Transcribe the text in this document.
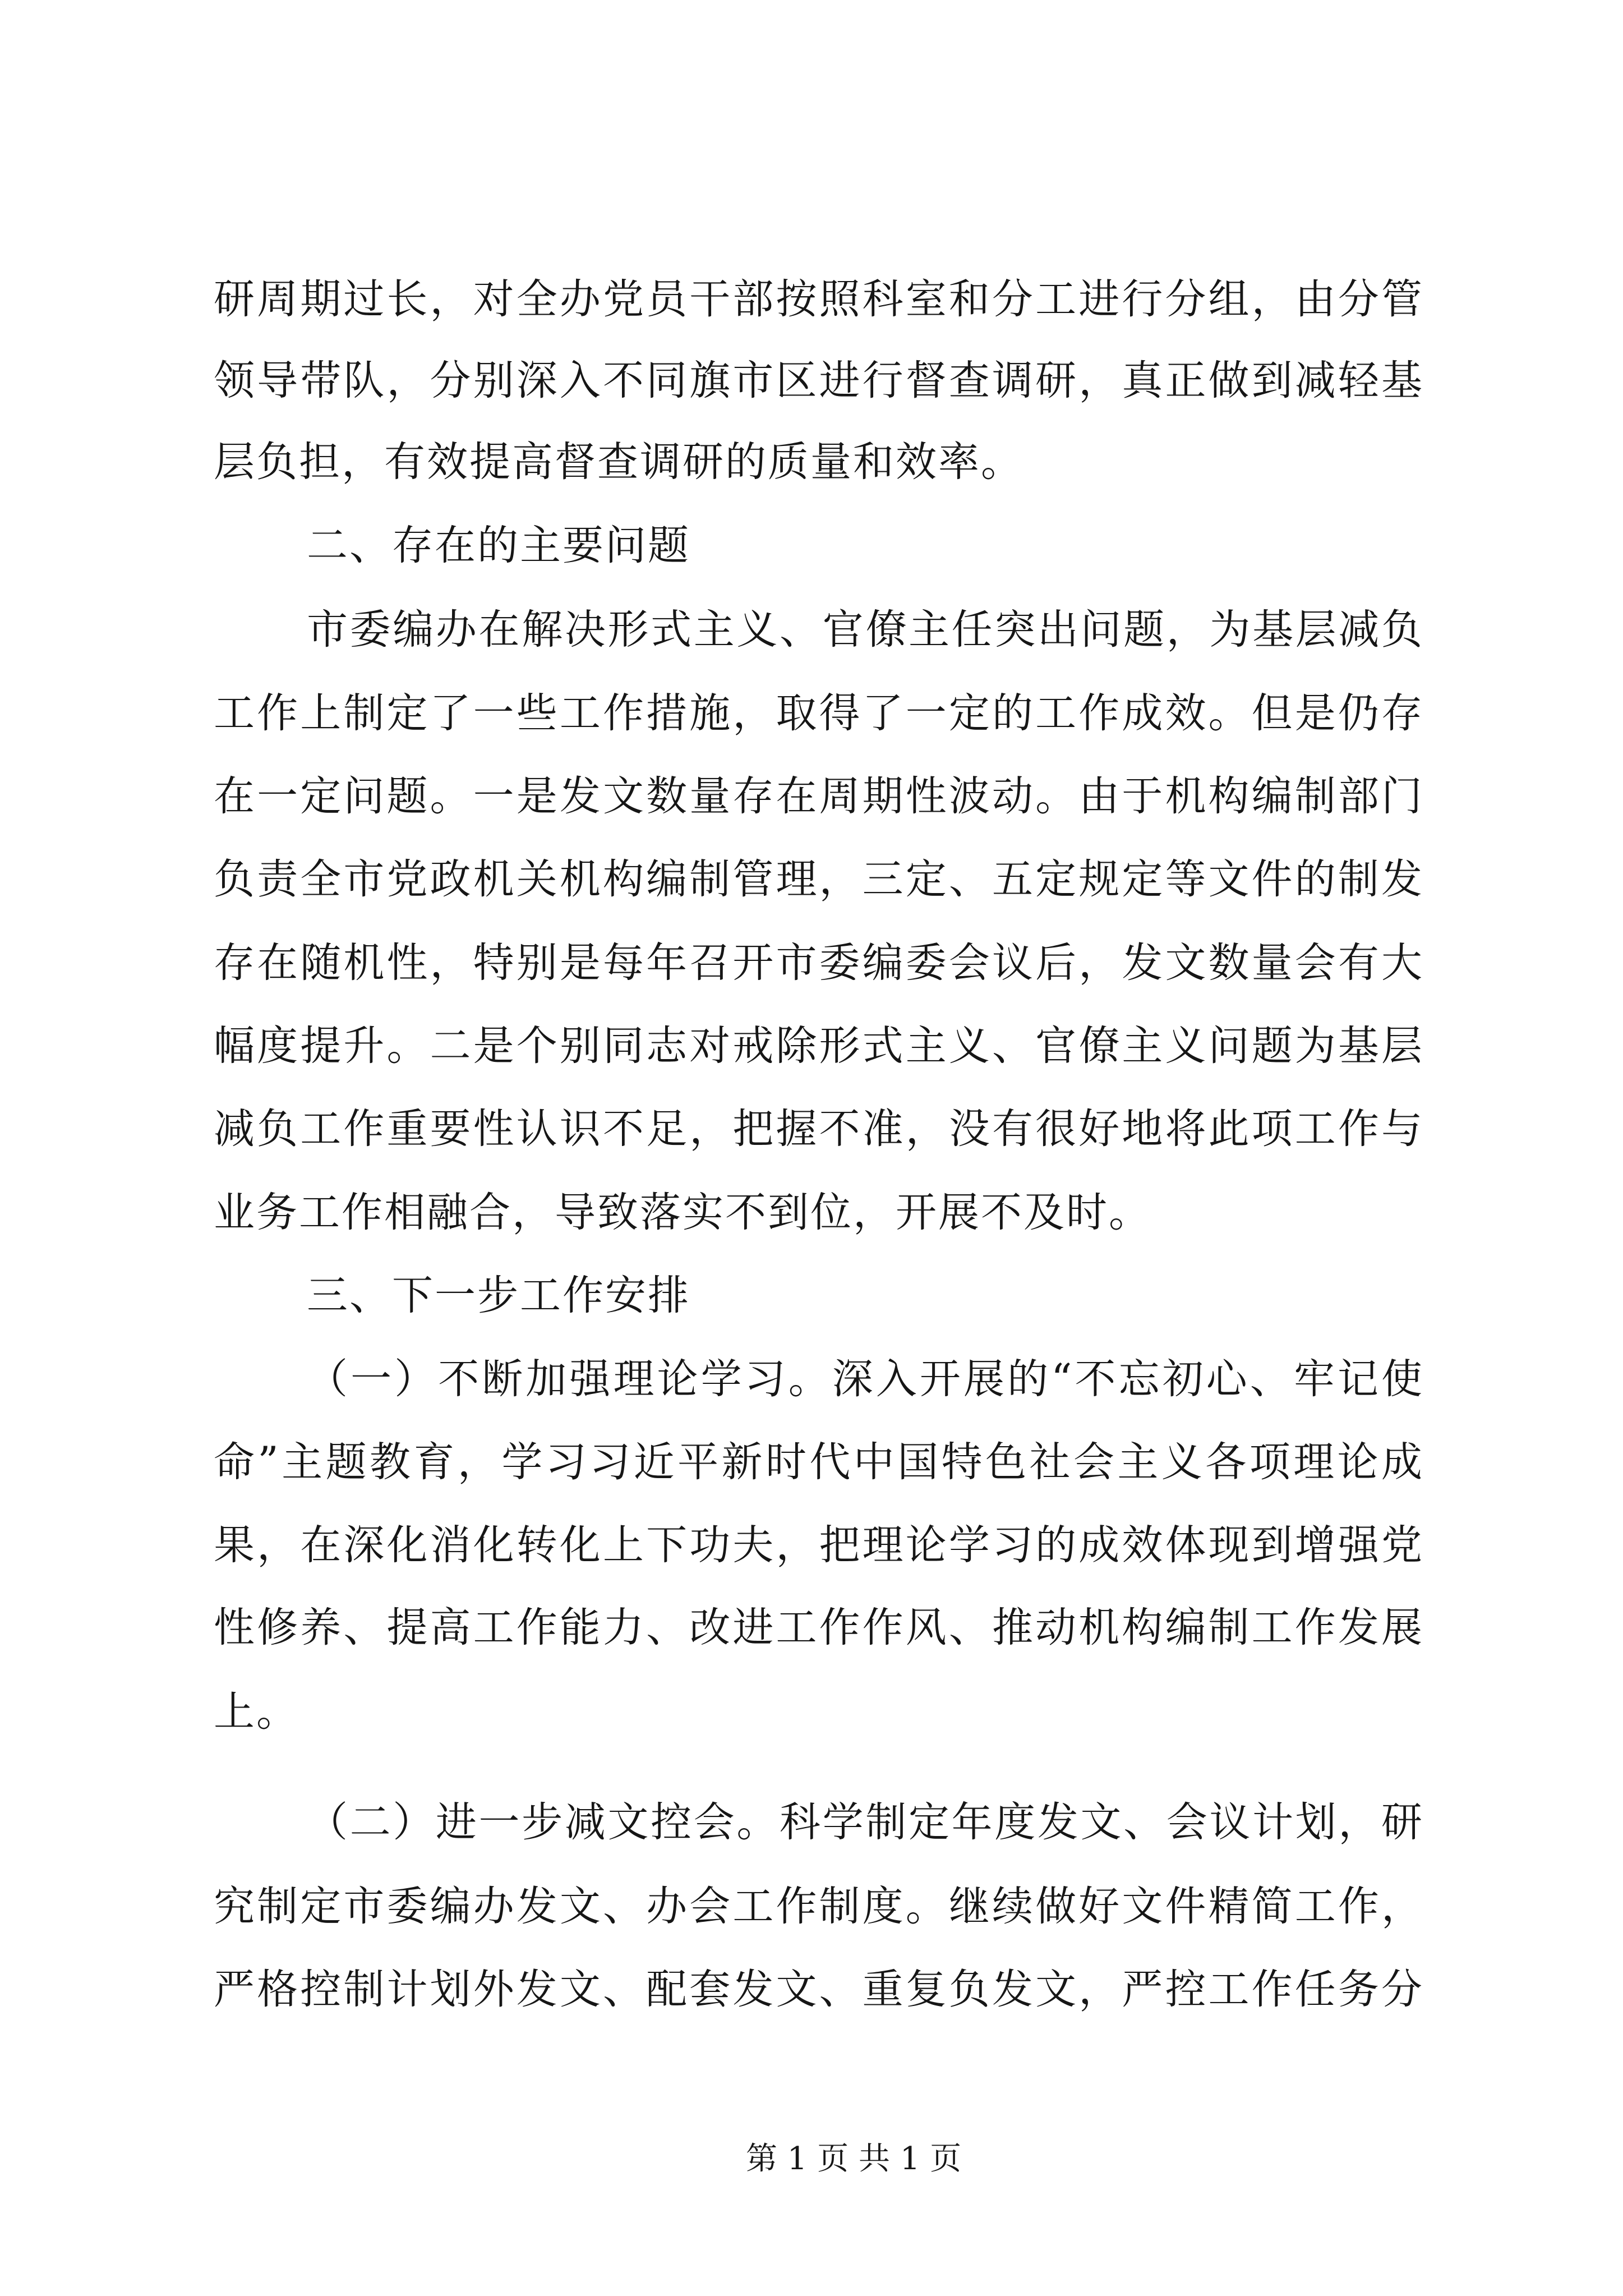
研周期过长，对全办党员干部按照科室和分工进行分组，由分管
领导带队，分别深入不同旗市区进行督查调研，真正做到减轻基
层负担，有效提高督查调研的质量和效率。
二、存在的主要问题
市委编办在解决形式主义、官僚主任突出问题，为基层减负
工作上制定了一些工作措施，取得了一定的工作成效。但是仍存
在一定问题。一是发文数量存在周期性波动。由于机构编制部门
负责全市党政机关机构编制管理，三定、五定规定等文件的制发
存在随机性，特别是每年召开市委编委会议后，发文数量会有大
幅度提升。二是个别同志对戒除形式主义、官僚主义问题为基层
减负工作重要性认识不足，把握不准，没有很好地将此项工作与
业务工作相融合，导致落实不到位，开展不及时。
三、下一步工作安排
（一）不断加强理论学习。深入开展的“不忘初心、牢记使
命”主题教育，学习习近平新时代中国特色社会主义各项理论成
果，在深化消化转化上下功夫，把理论学习的成效体现到增强党
性修养、提高工作能力、改进工作作风、推动机构编制工作发展
上。
（二）进一步减文控会。科学制定年度发文、会议计划，研
究制定市委编办发文、办会工作制度。继续做好文件精简工作，
严格控制计划外发文、配套发文、重复负发文，严控工作任务分
第 1 页 共 1 页
